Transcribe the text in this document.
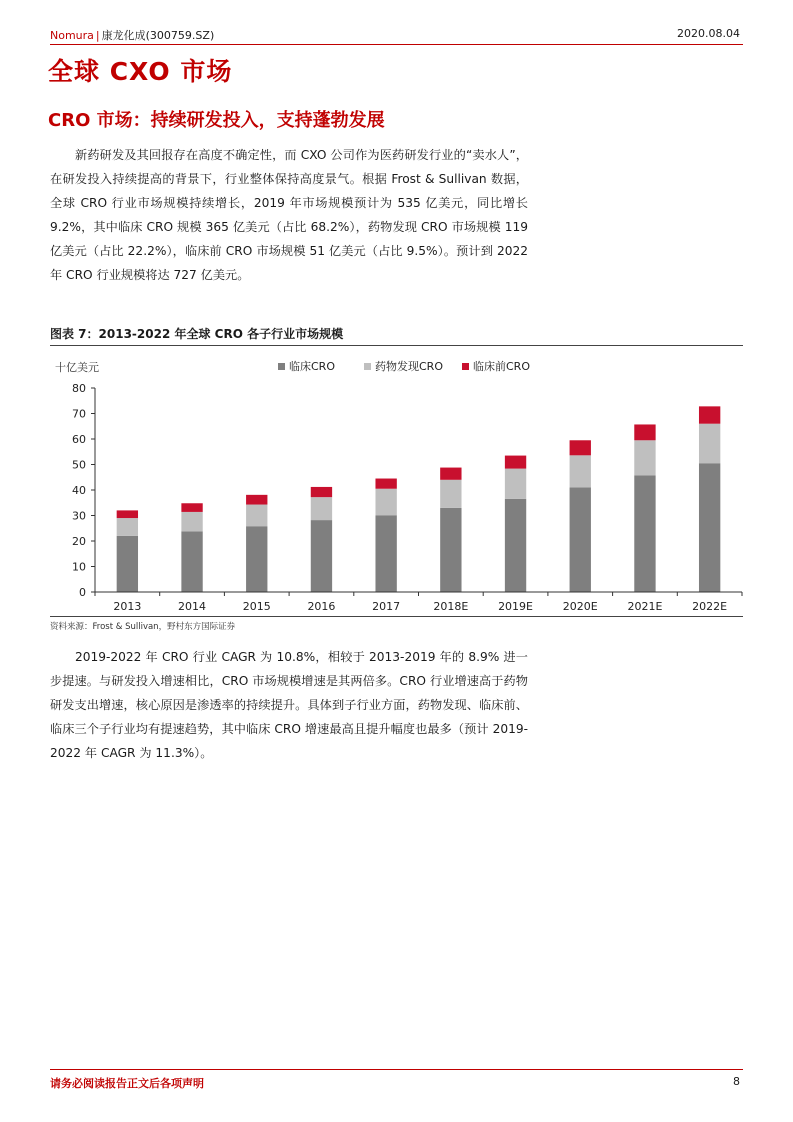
Nomura | 康龙化成(300759.SZ)	2020.08.04
全球 CXO 市场
CRO 市场：持续研发投入，支持蓬勃发展
新药研发及其回报存在高度不确定性，而 CXO 公司作为医药研发行业的“卖水人”，在研发投入持续提高的背景下，行业整体保持高度景气。根据 Frost & Sullivan 数据，全球 CRO 行业市场规模持续增长，2019 年市场规模预计为 535 亿美元，同比增长 9.2%，其中临床 CRO 规模 365 亿美元（占比 68.2%），药物发现 CRO 市场规模 119 亿美元（占比 22.2%），临床前 CRO 市场规模 51 亿美元（占比 9.5%）。预计到 2022 年 CRO 行业规模将达 727 亿美元。
图表 7：2013-2022 年全球 CRO 各子行业市场规模
0
10
20
30
40
50
60
70
80
2013	2014	2015	2016	2017	2018E	2019E	2020E	2021E	2022E
临床CRO	药物发现CRO	临床前CRO
十亿美元
资料来源：Frost & Sullivan，野村东方国际证券
2019-2022 年 CRO 行业 CAGR 为 10.8%，相较于 2013-2019 年的 8.9% 进一步提速。与研发投入增速相比，CRO 市场规模增速是其两倍多。CRO 行业增速高于药物研发支出增速，核心原因是渗透率的持续提升。具体到子行业方面，药物发现、临床前、临床三个子行业均有提速趋势，其中临床 CRO 增速最高且提升幅度也最多（预计 2019-2022 年 CAGR 为 11.3%）。
请务必阅读报告正文后各项声明	8
